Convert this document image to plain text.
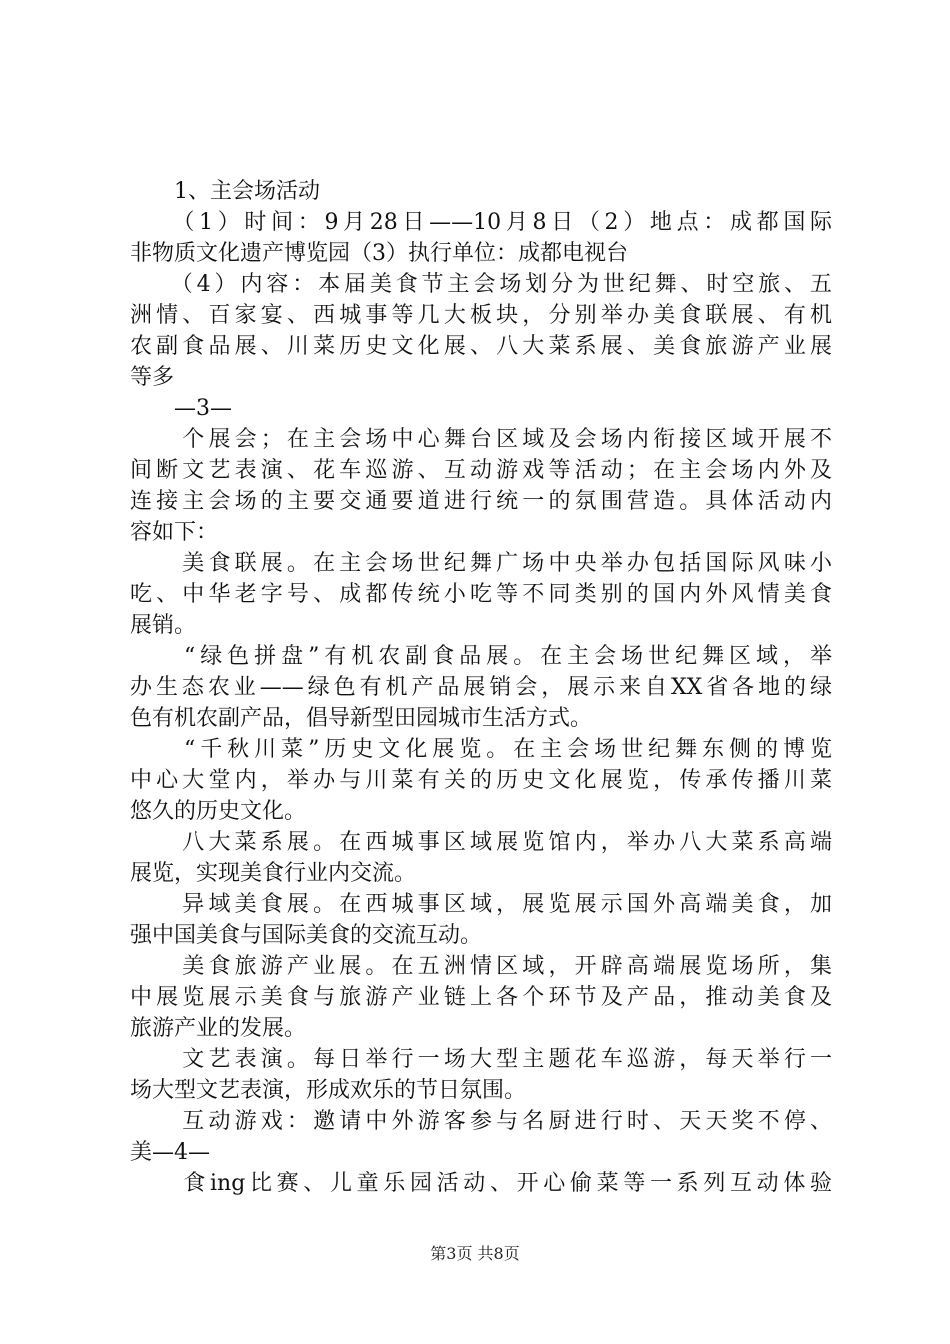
　　1、主会场活动
　　（1）时间：9月28日——10月8日（2）地点：成都国际
非物质文化遗产博览园（3）执行单位：成都电视台
　　（4）内容：本届美食节主会场划分为世纪舞、时空旅、五
洲情、百家宴、西城事等几大板块，分别举办美食联展、有机
农副食品展、川菜历史文化展、八大菜系展、美食旅游产业展
等多
　　—3—
　　个展会；在主会场中心舞台区域及会场内衔接区域开展不
间断文艺表演、花车巡游、互动游戏等活动；在主会场内外及
连接主会场的主要交通要道进行统一的氛围营造。具体活动内
容如下：
　　美食联展。在主会场世纪舞广场中央举办包括国际风味小
吃、中华老字号、成都传统小吃等不同类别的国内外风情美食
展销。
　　“绿色拼盘”有机农副食品展。在主会场世纪舞区域，举
办生态农业——绿色有机产品展销会，展示来自XX省各地的绿
色有机农副产品，倡导新型田园城市生活方式。
　　“千秋川菜”历史文化展览。在主会场世纪舞东侧的博览
中心大堂内，举办与川菜有关的历史文化展览，传承传播川菜
悠久的历史文化。
　　八大菜系展。在西城事区域展览馆内，举办八大菜系高端
展览，实现美食行业内交流。
　　异域美食展。在西城事区域，展览展示国外高端美食，加
强中国美食与国际美食的交流互动。
　　美食旅游产业展。在五洲情区域，开辟高端展览场所，集
中展览展示美食与旅游产业链上各个环节及产品，推动美食及
旅游产业的发展。
　　文艺表演。每日举行一场大型主题花车巡游，每天举行一
场大型文艺表演，形成欢乐的节日氛围。
　　互动游戏：邀请中外游客参与名厨进行时、天天奖不停、
美—4—
　　食ing比赛、儿童乐园活动、开心偷菜等一系列互动体验
第3页 共8页
